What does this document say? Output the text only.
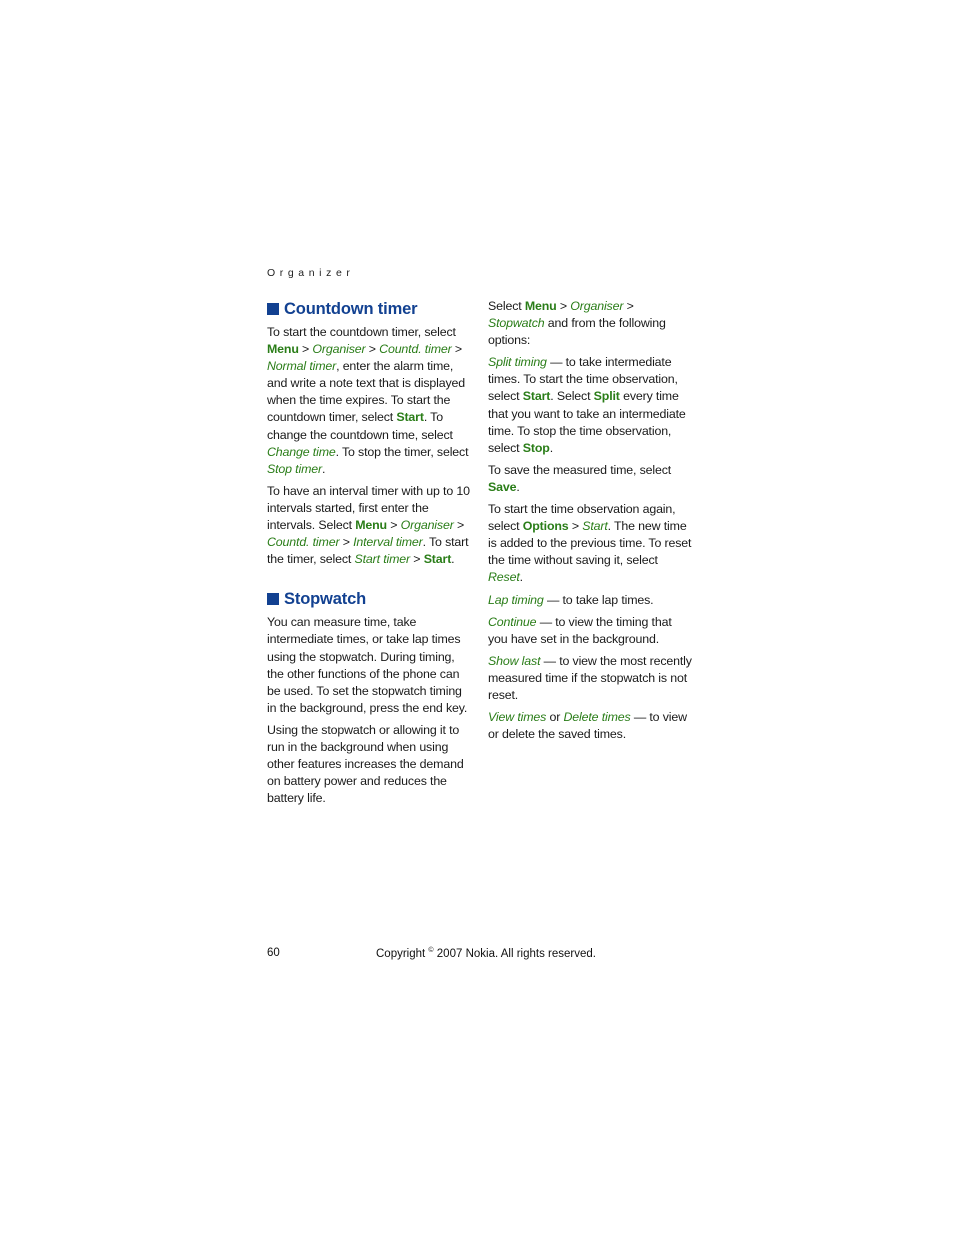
Organizer
Countdown timer

To start the countdown timer, select Menu > Organiser > Countd. timer > Normal timer, enter the alarm time, and write a note text that is displayed when the time expires. To start the countdown timer, select Start. To change the countdown time, select Change time. To stop the timer, select Stop timer.

To have an interval timer with up to 10 intervals started, first enter the intervals. Select Menu > Organiser > Countd. timer > Interval timer. To start the timer, select Start timer > Start.

Stopwatch

You can measure time, take intermediate times, or take lap times using the stopwatch. During timing, the other functions of the phone can be used. To set the stopwatch timing in the background, press the end key.

Using the stopwatch or allowing it to run in the background when using other features increases the demand on battery power and reduces the battery life.

Select Menu > Organiser > Stopwatch and from the following options:

Split timing — to take intermediate times. To start the time observation, select Start. Select Split every time that you want to take an intermediate time. To stop the time observation, select Stop.

To save the measured time, select Save.

To start the time observation again, select Options > Start. The new time is added to the previous time. To reset the time without saving it, select Reset.

Lap timing — to take lap times.

Continue — to view the timing that you have set in the background.

Show last — to view the most recently measured time if the stopwatch is not reset.

View times or Delete times — to view or delete the saved times.

60	Copyright © 2007 Nokia. All rights reserved.
